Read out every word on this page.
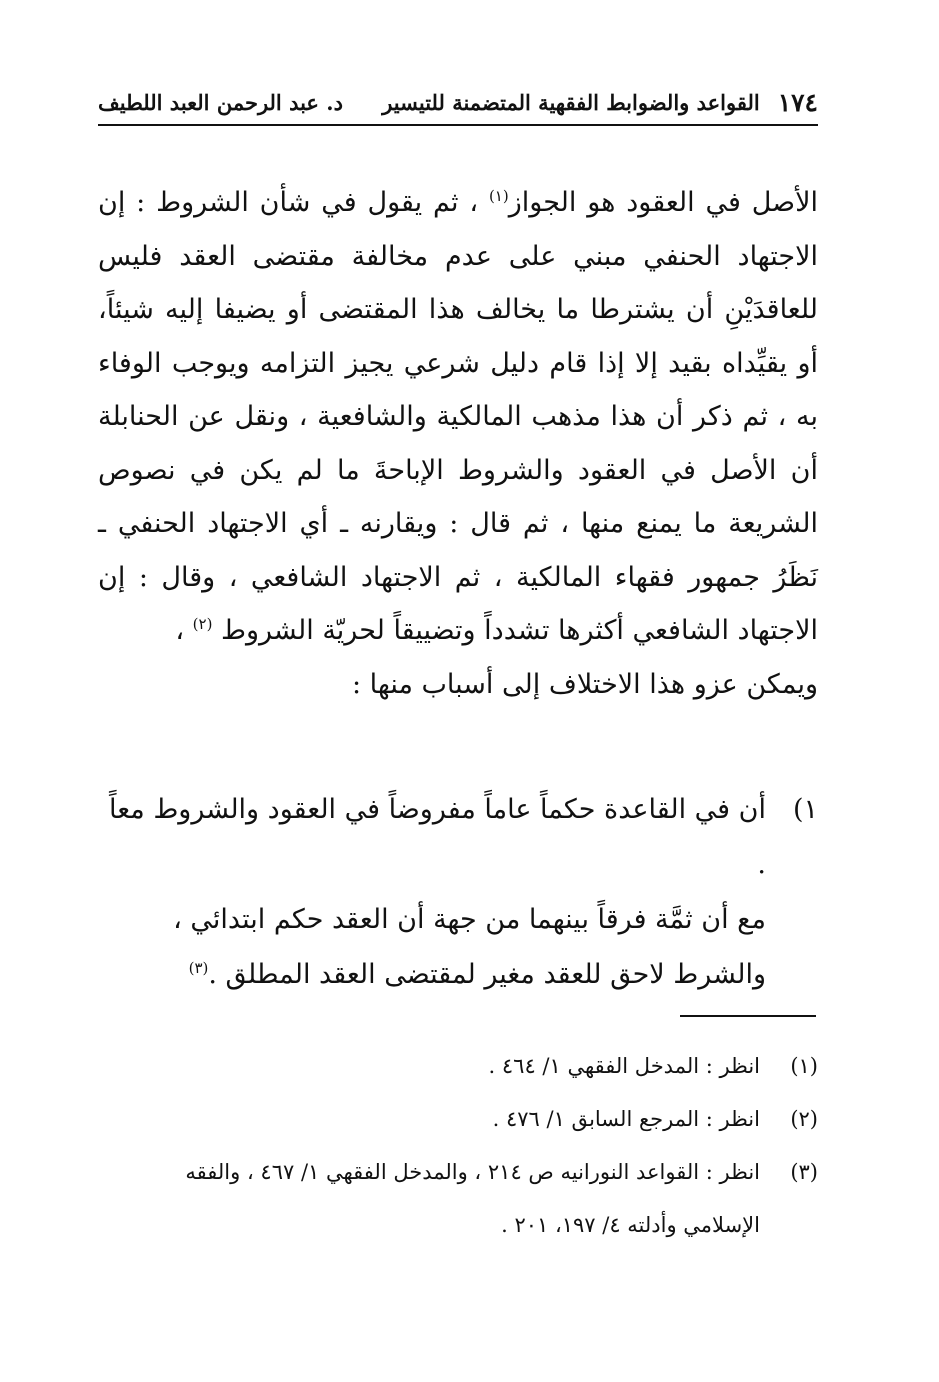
١٧٤
القواعد والضوابط الفقهية المتضمنة للتيسير
د. عبد الرحمن العبد اللطيف

الأصل في العقود هو الجواز$^{(١)}$ ، ثم يقول في شأن الشروط : إن الاجتهاد الحنفي مبني على عدم مخالفة مقتضى العقد فليس للعاقدَيْنِ أن يشترطا ما يخالف هذا المقتضى أو يضيفا إليه شيئاً، أو يقيِّداه بقيد إلا إذا قام دليل شرعي يجيز التزامه ويوجب الوفاء به ، ثم ذكر أن هذا مذهب المالكية والشافعية ، ونقل عن الحنابلة أن الأصل في العقود والشروط الإباحةَ ما لم يكن في نصوص الشريعة ما يمنع منها ، ثم قال : ويقارنه ـ أي الاجتهاد الحنفي ـ نَظَرُ جمهور فقهاء المالكية ، ثم الاجتهاد الشافعي ، وقال : إن الاجتهاد الشافعي أكثرها تشدداً وتضييقاً لحريّة الشروط $^{(٢)}$ ،

ويمكن عزو هذا الاختلاف إلى أسباب منها :

١)

أن في القاعدة حكماً عاماً مفروضاً في العقود والشروط معاً .

مع أن ثمَّة فرقاً بينهما من جهة أن العقد حكم ابتدائي ،

والشرط لاحق للعقد مغير لمقتضى العقد المطلق .$^{(٣)}$

(١)
انظر : المدخل الفقهي ١/ ٤٦٤ .
(٢)
انظر : المرجع السابق ١/ ٤٧٦ .
(٣)
انظر : القواعد النورانيه ص ٢١٤ ، والمدخل الفقهي ١/ ٤٦٧ ، والفقه
الإسلامي وأدلته ٤/ ١٩٧، ٢٠١ .
